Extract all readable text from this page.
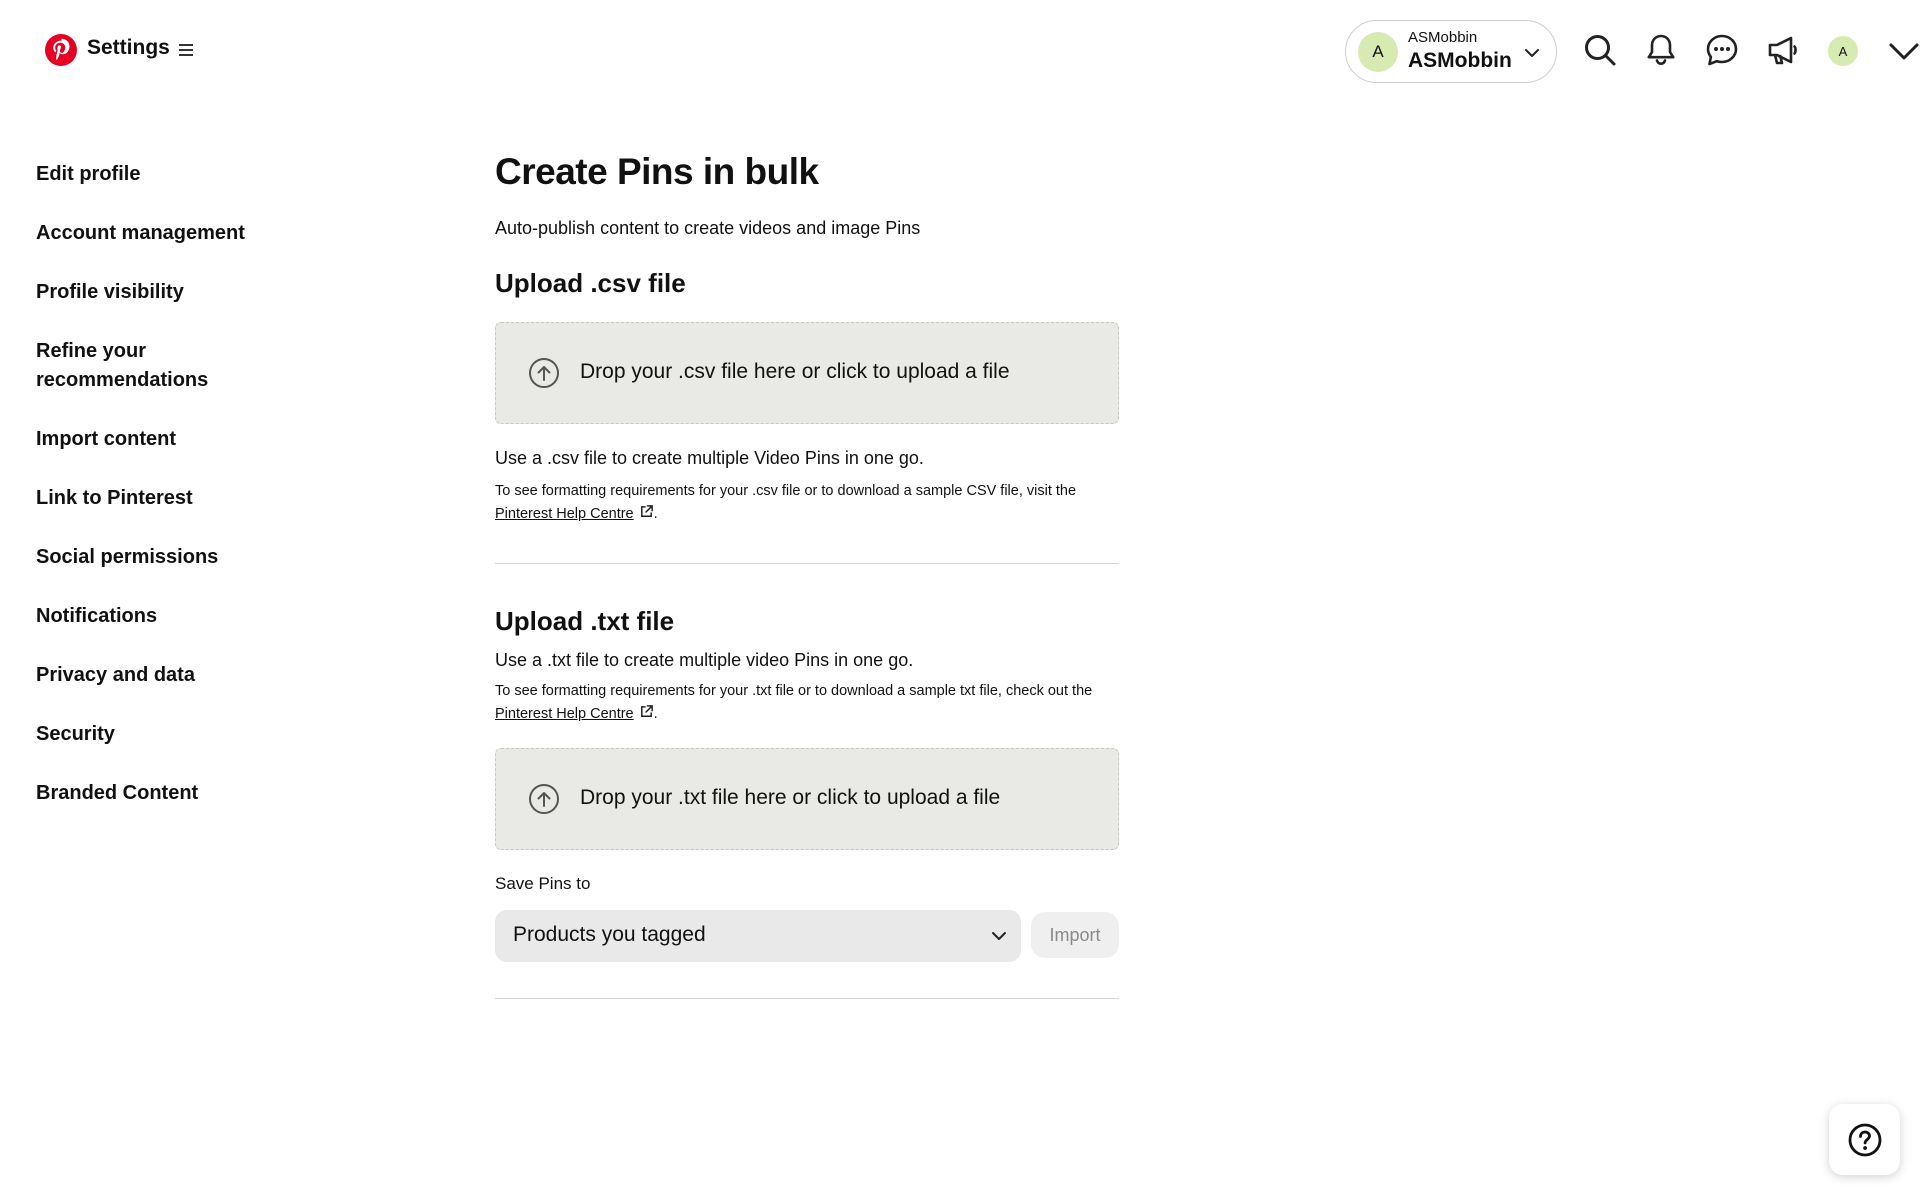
Settings	A
ASMobbin
ASMobbin	A
Edit profile
Account management
Profile visibility
Refine your recommendations
Import content
Link to Pinterest
Social permissions
Notifications
Privacy and data
Security
Branded Content
Create Pins in bulk

Auto-publish content to create videos and image Pins

Upload .csv file
Drop your .csv file here or click to upload a file

Use a .csv file to create multiple Video Pins in one go.

To see formatting requirements for your .csv file or to download a sample CSV file, visit the Pinterest Help Centre .

Upload .txt file

Use a .txt file to create multiple video Pins in one go.

To see formatting requirements for your .txt file or to download a sample txt file, check out the Pinterest Help Centre .

Drop your .txt file here or click to upload a file

Save Pins to

Products you tagged	Import
